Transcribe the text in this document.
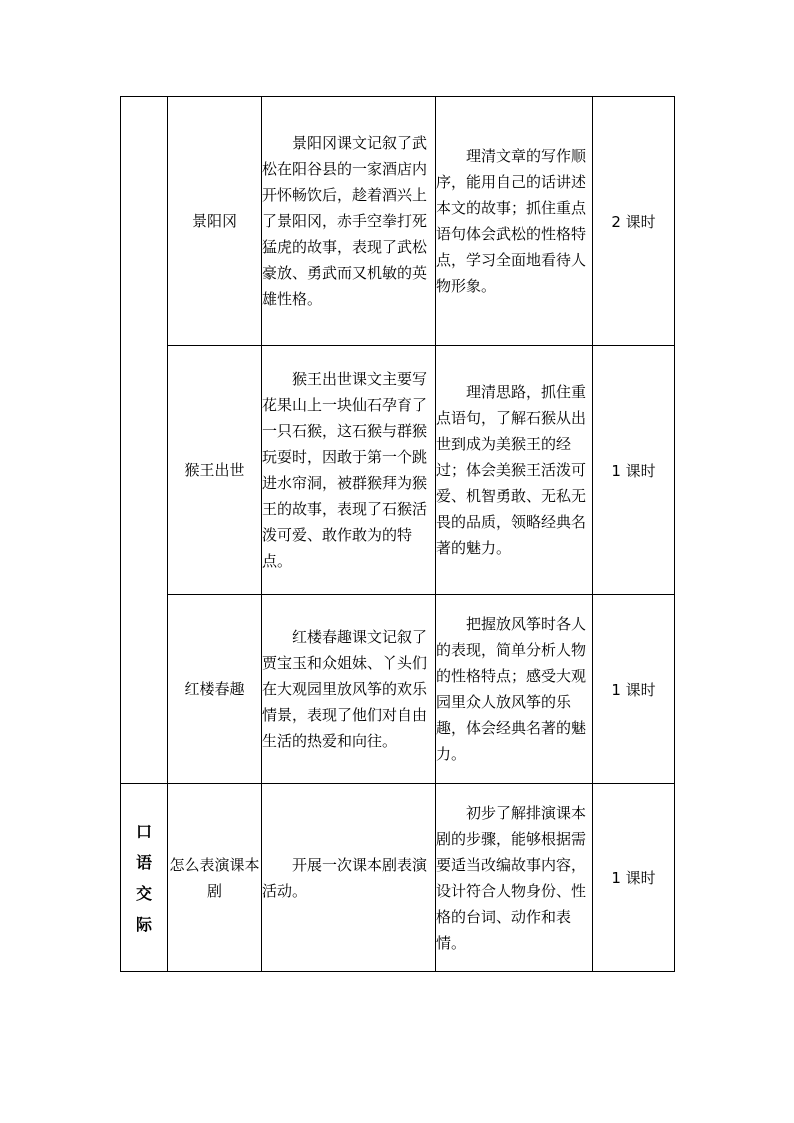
	景阳冈	景阳冈课文记叙了武松在阳谷县的一家酒店内开怀畅饮后，趁着酒兴上了景阳冈，赤手空拳打死猛虎的故事，表现了武松豪放、勇武而又机敏的英雄性格。	理清文章的写作顺序，能用自己的话讲述本文的故事；抓住重点语句体会武松的性格特点，学习全面地看待人物形象。	2 课时
	猴王出世	猴王出世课文主要写花果山上一块仙石孕育了一只石猴，这石猴与群猴玩耍时，因敢于第一个跳进水帘洞，被群猴拜为猴王的故事，表现了石猴活泼可爱、敢作敢为的特点。	理清思路，抓住重点语句，了解石猴从出世到成为美猴王的经过；体会美猴王活泼可爱、机智勇敢、无私无畏的品质，领略经典名著的魅力。	1 课时
	红楼春趣	红楼春趣课文记叙了贾宝玉和众姐妹、丫头们在大观园里放风筝的欢乐情景，表现了他们对自由生活的热爱和向往。	把握放风筝时各人的表现，简单分析人物的性格特点；感受大观园里众人放风筝的乐趣，体会经典名著的魅力。	1 课时

口
语
交
际	怎么表演课本剧	开展一次课本剧表演活动。	初步了解排演课本剧的步骤，能够根据需要适当改编故事内容，设计符合人物身份、性格的台词、动作和表情。	1 课时
